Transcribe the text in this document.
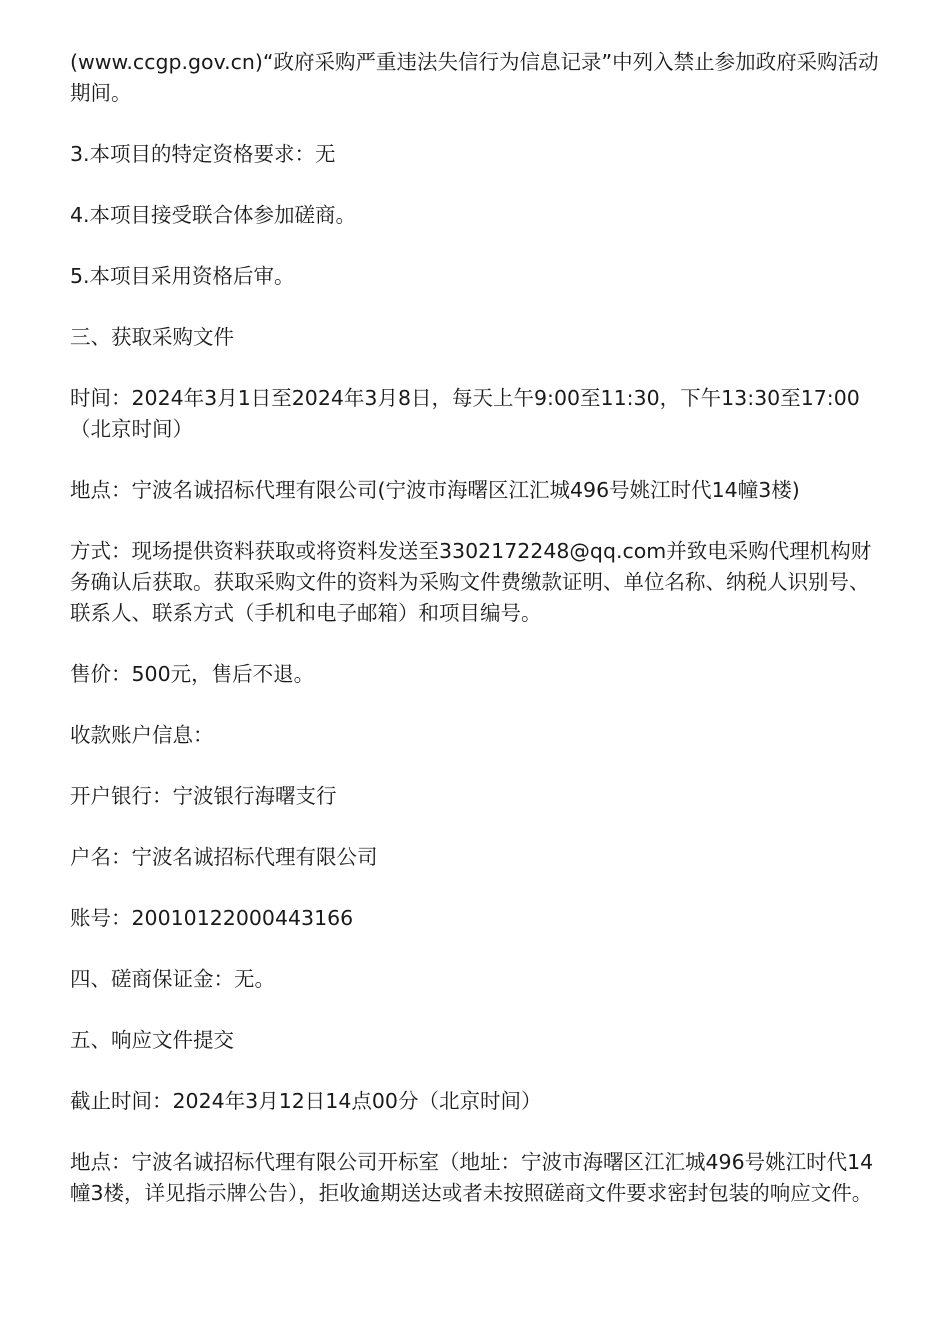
(www.ccgp.gov.cn)“政府采购严重违法失信行为信息记录”中列入禁止参加政府采购活动期间。

3.本项目的特定资格要求：无

4.本项目接受联合体参加磋商。

5.本项目采用资格后审。

三、获取采购文件

时间：2024年3月1日至2024年3月8日，每天上午9:00至11:30，下午13:30至17:00（北京时间）

地点：宁波名诚招标代理有限公司(宁波市海曙区江汇城496号姚江时代14幢3楼)

方式：现场提供资料获取或将资料发送至3302172248@qq.com并致电采购代理机构财务确认后获取。获取采购文件的资料为采购文件费缴款证明、单位名称、纳税人识别号、联系人、联系方式（手机和电子邮箱）和项目编号。

售价：500元，售后不退。

收款账户信息：

开户银行：宁波银行海曙支行

户名：宁波名诚招标代理有限公司

账号：20010122000443166

四、磋商保证金：无。

五、响应文件提交

截止时间：2024年3月12日14点00分（北京时间）

地点：宁波名诚招标代理有限公司开标室（地址：宁波市海曙区江汇城496号姚江时代14幢3楼，详见指示牌公告），拒收逾期送达或者未按照磋商文件要求密封包装的响应文件。
